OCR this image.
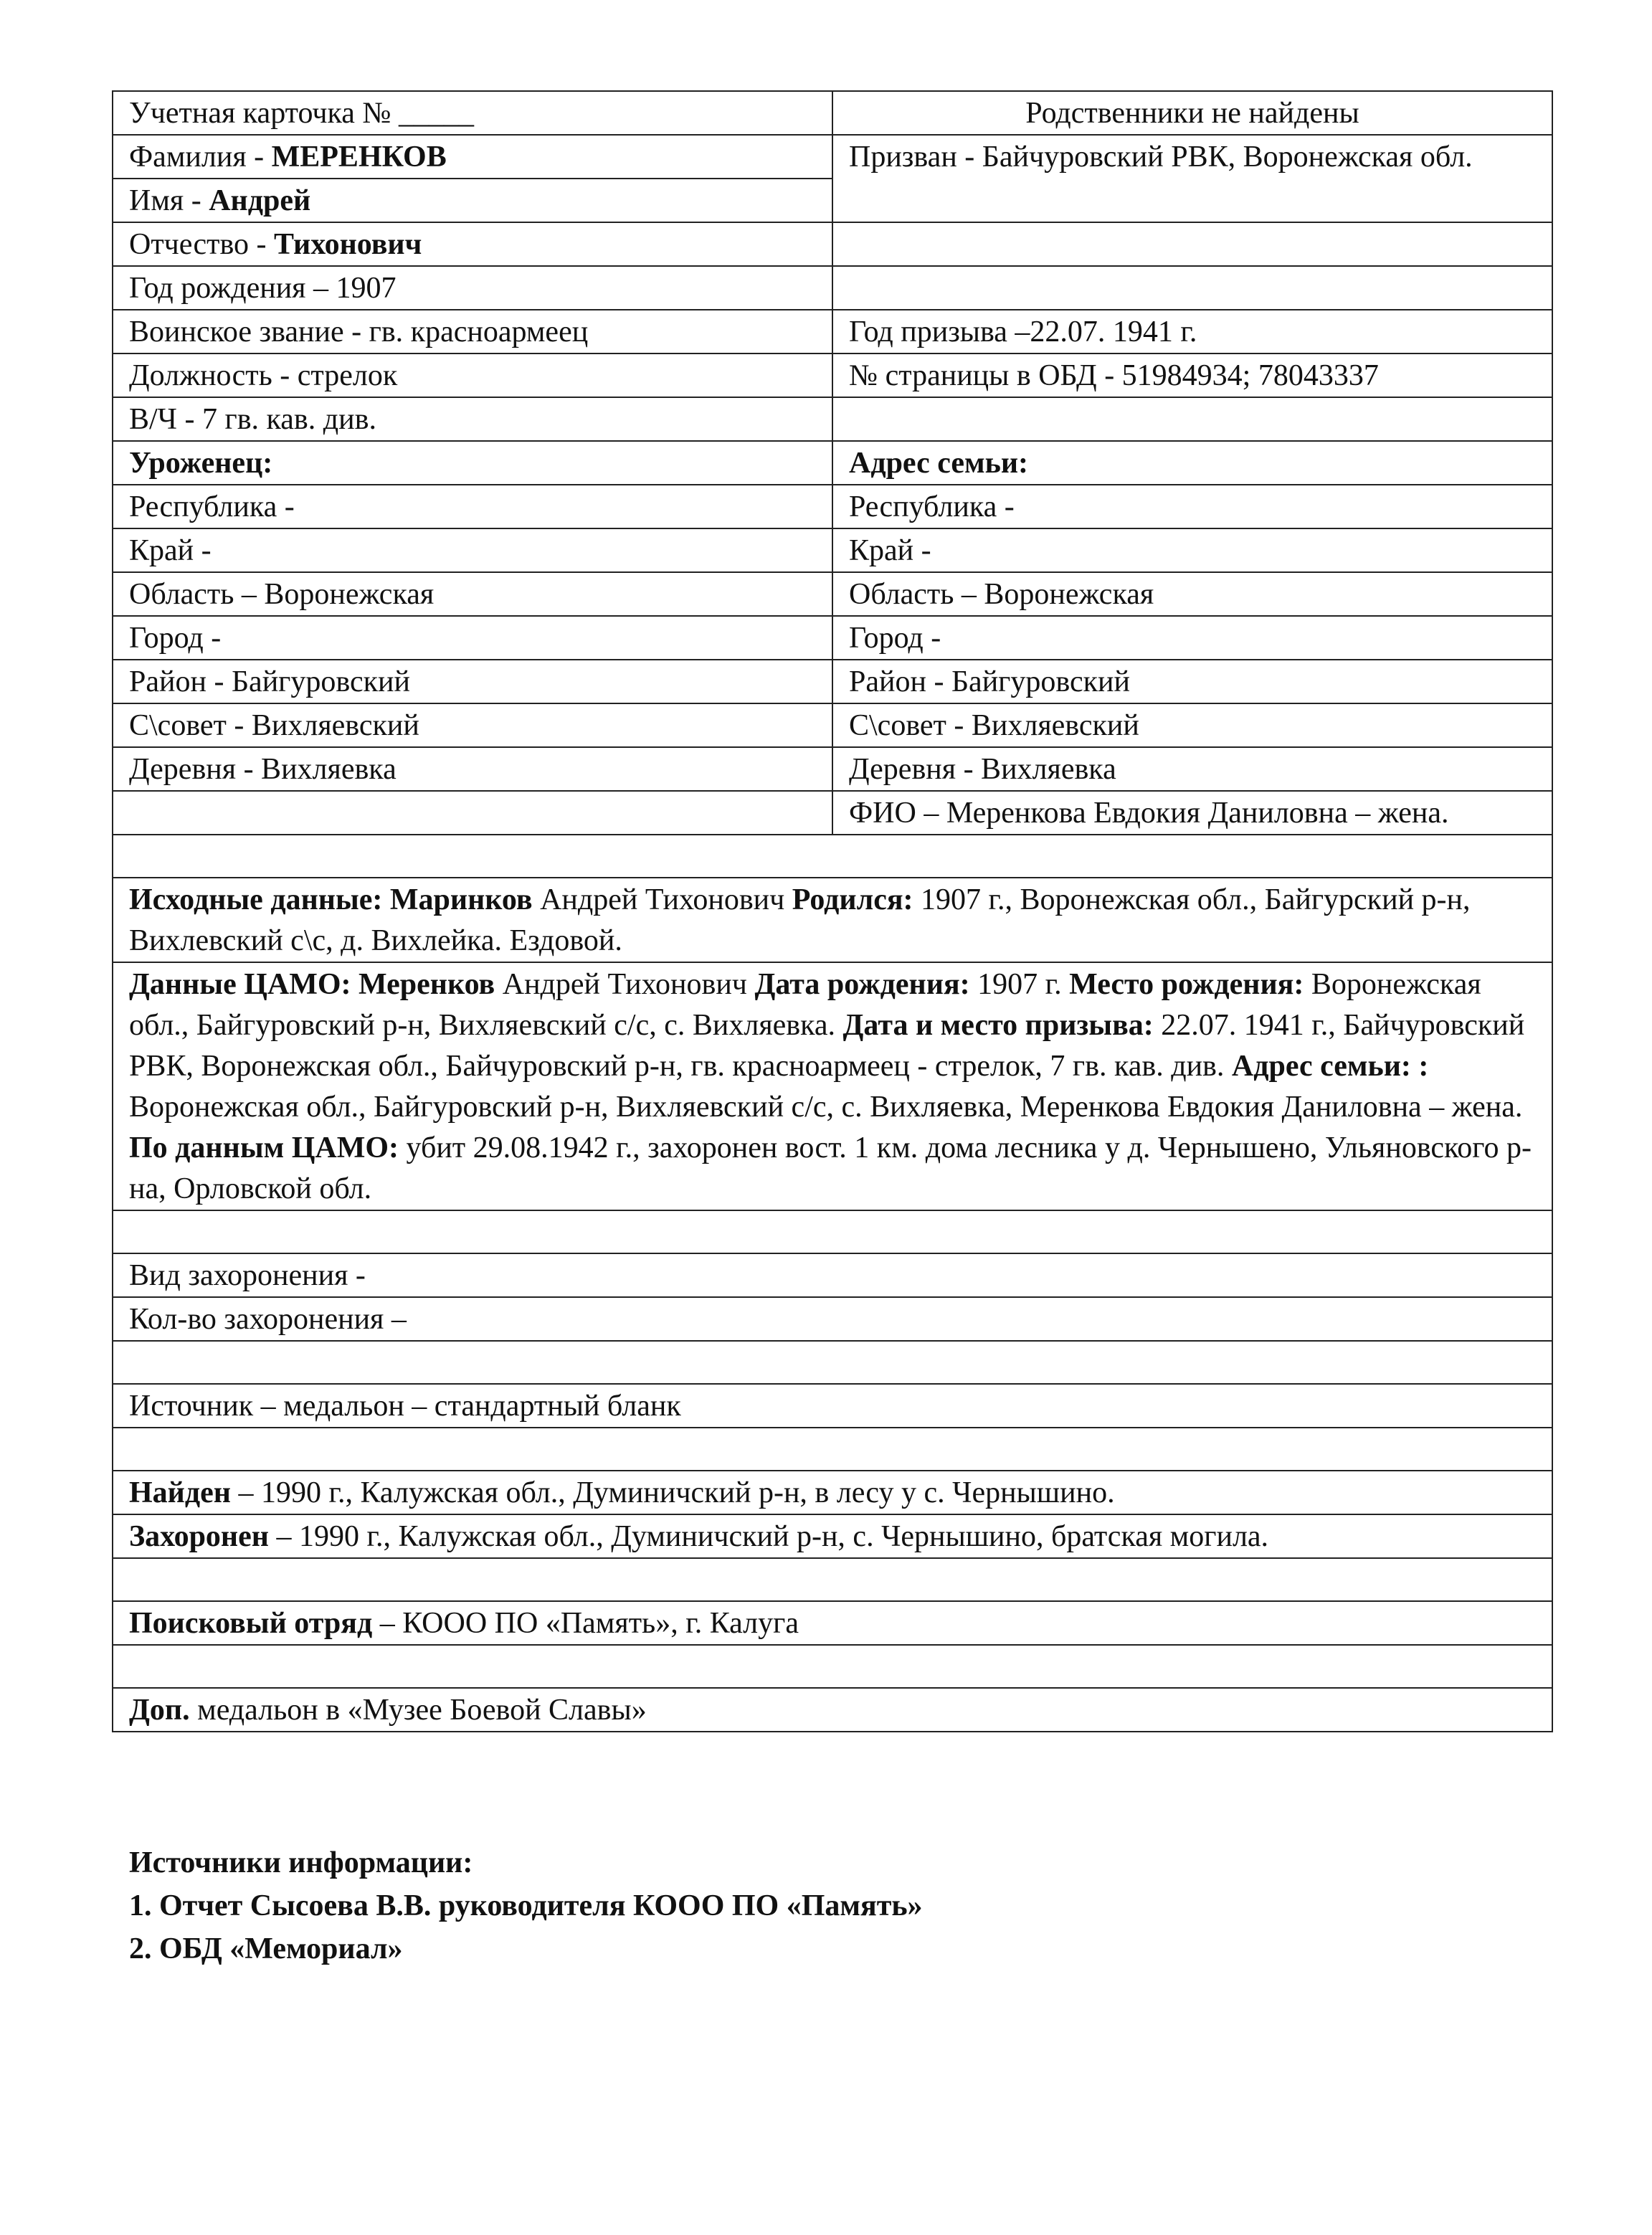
Учетная карточка № _____	Родственники не найдены
Фамилия - МЕРЕНКОВ	Призван - Байчуровский РВК, Воронежская обл.
Имя - Андрей	
Отчество - Тихонович	
Год рождения – 1907	
Воинское звание - гв. красноармеец	Год призыва –22.07. 1941 г.
Должность - стрелок	№ страницы в ОБД - 51984934; 78043337
В/Ч - 7 гв. кав. див.	
Уроженец:	Адрес семьи:
Республика -	Республика -
Край -	Край -
Область – Воронежская	Область – Воронежская
Город -	Город -
Район - Байгуровский	Район - Байгуровский
С\совет - Вихляевский	С\совет - Вихляевский
Деревня - Вихляевка	Деревня - Вихляевка
	ФИО – Меренкова Евдокия Даниловна – жена.

Исходные данные: Маринков Андрей Тихонович Родился: 1907 г., Воронежская обл., Байгурский р-н, Вихлевский с\с, д. Вихлейка. Ездовой.	
Данные ЦАМО: Меренков Андрей Тихонович Дата рождения: 1907 г. Место рождения: Воронежская обл., Байгуровский р-н, Вихляевский с/с, с. Вихляевка. Дата и место призыва: 22.07. 1941 г., Байчуровский РВК, Воронежская обл., Байчуровский р-н, гв. красноармеец - стрелок, 7 гв. кав. див. Адрес семьи: : Воронежская обл., Байгуровский р-н, Вихляевский с/с, с. Вихляевка, Меренкова Евдокия Даниловна – жена. По данным ЦАМО: убит 29.08.1942 г., захоронен вост. 1 км. дома лесника у д. Чернышено, Ульяновского р-на, Орловской обл.	

Вид захоронения -	
Кол-во захоронения –	

Источник – медальон – стандартный бланк	

Найден – 1990 г., Калужская обл., Думиничский р-н, в лесу у с. Чернышино.	
Захоронен – 1990 г., Калужская обл., Думиничский р-н, с. Чернышино, братская могила.	

Поисковый отряд – КООО ПО «Память», г. Калуга	

Доп. медальон в «Музее Боевой Славы»	
Источники информации:
1. Отчет Сысоева В.В. руководителя КООО ПО «Память»
2. ОБД «Мемориал»
